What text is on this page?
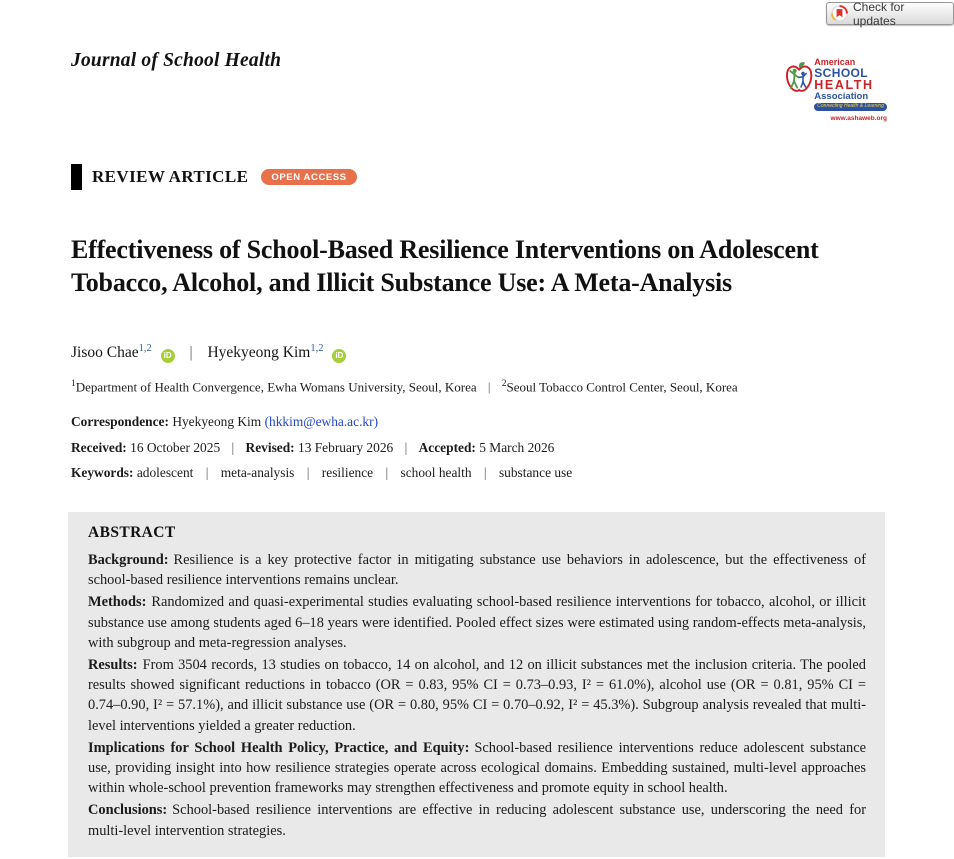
Check for updates
Journal of School Health	American
SCHOOL
HEALTH
Association
Connecting Health & Learning
www.ashaweb.org
REVIEW ARTICLE	OPEN ACCESS
Effectiveness of School-Based Resilience Interventions on Adolescent Tobacco, Alcohol, and Illicit Substance Use: A Meta-Analysis
Jisoo Chae$^{1,2}$ iD | Hyekyeong Kim$^{1,2}$ iD
$^1$Department of Health Convergence, Ewha Womans University, Seoul, Korea | $^2$Seoul Tobacco Control Center, Seoul, Korea
Correspondence: Hyekyeong Kim (hkkim@ewha.ac.kr)
Received: 16 October 2025 | Revised: 13 February 2026 | Accepted: 5 March 2026
Keywords: adolescent | meta-analysis | resilience | school health | substance use
ABSTRACT

Background: Resilience is a key protective factor in mitigating substance use behaviors in adolescence, but the effectiveness of school-based resilience interventions remains unclear.

Methods: Randomized and quasi-experimental studies evaluating school-based resilience interventions for tobacco, alcohol, or illicit substance use among students aged 6–18 years were identified. Pooled effect sizes were estimated using random-effects meta-analysis, with subgroup and meta-regression analyses.

Results: From 3504 records, 13 studies on tobacco, 14 on alcohol, and 12 on illicit substances met the inclusion criteria. The pooled results showed significant reductions in tobacco (OR = 0.83, 95% CI = 0.73–0.93, I² = 61.0%), alcohol use (OR = 0.81, 95% CI = 0.74–0.90, I² = 57.1%), and illicit substance use (OR = 0.80, 95% CI = 0.70–0.92, I² = 45.3%). Subgroup analysis revealed that multi-level interventions yielded a greater reduction.

Implications for School Health Policy, Practice, and Equity: School-based resilience interventions reduce adolescent substance use, providing insight into how resilience strategies operate across ecological domains. Embedding sustained, multi-level approaches within whole-school prevention frameworks may strengthen effectiveness and promote equity in school health.

Conclusions: School-based resilience interventions are effective in reducing adolescent substance use, underscoring the need for multi-level intervention strategies.
